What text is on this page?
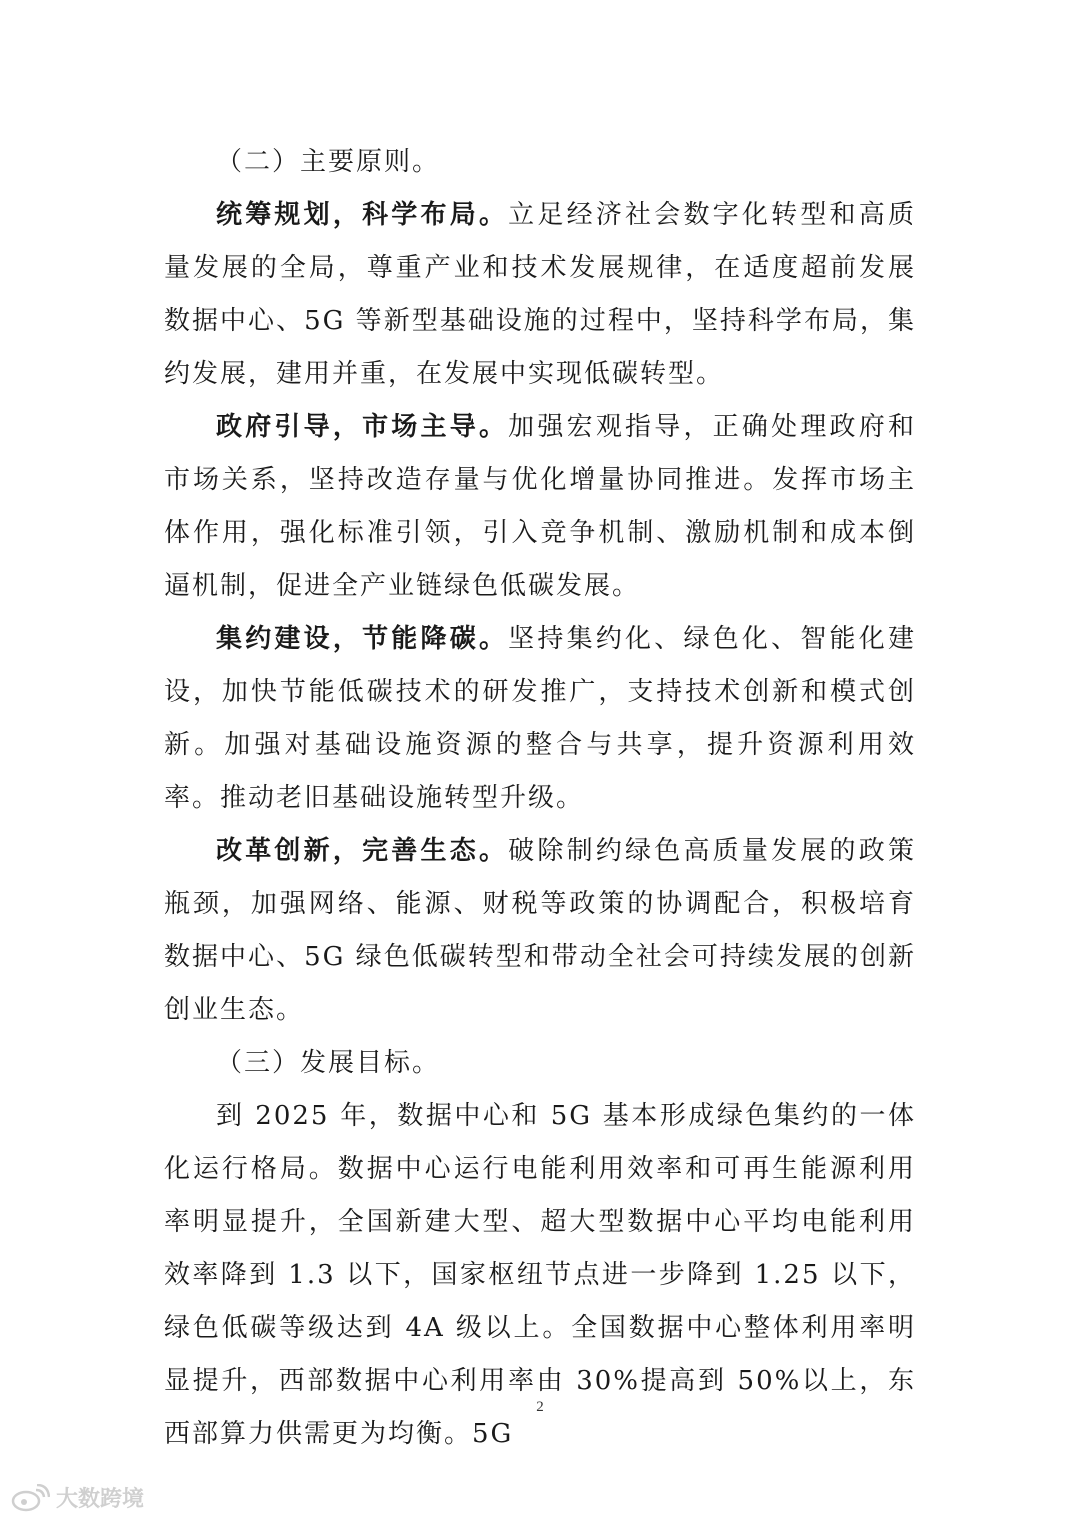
（二）主要原则。

统筹规划，科学布局。立足经济社会数字化转型和高质量发展的全局，尊重产业和技术发展规律，在适度超前发展数据中心、5G 等新型基础设施的过程中，坚持科学布局，集约发展，建用并重，在发展中实现低碳转型。

政府引导，市场主导。加强宏观指导，正确处理政府和市场关系，坚持改造存量与优化增量协同推进。发挥市场主体作用，强化标准引领，引入竞争机制、激励机制和成本倒逼机制，促进全产业链绿色低碳发展。

集约建设，节能降碳。坚持集约化、绿色化、智能化建设，加快节能低碳技术的研发推广，支持技术创新和模式创新。加强对基础设施资源的整合与共享，提升资源利用效率。推动老旧基础设施转型升级。

改革创新，完善生态。破除制约绿色高质量发展的政策瓶颈，加强网络、能源、财税等政策的协调配合，积极培育数据中心、5G 绿色低碳转型和带动全社会可持续发展的创新创业生态。

（三）发展目标。

到 2025 年，数据中心和 5G 基本形成绿色集约的一体化运行格局。数据中心运行电能利用效率和可再生能源利用率明显提升，全国新建大型、超大型数据中心平均电能利用效率降到 1.3 以下，国家枢纽节点进一步降到 1.25 以下，绿色低碳等级达到 4A 级以上。全国数据中心整体利用率明显提升，西部数据中心利用率由 30%提高到 50%以上，东西部算力供需更为均衡。5G

2
大数跨境
